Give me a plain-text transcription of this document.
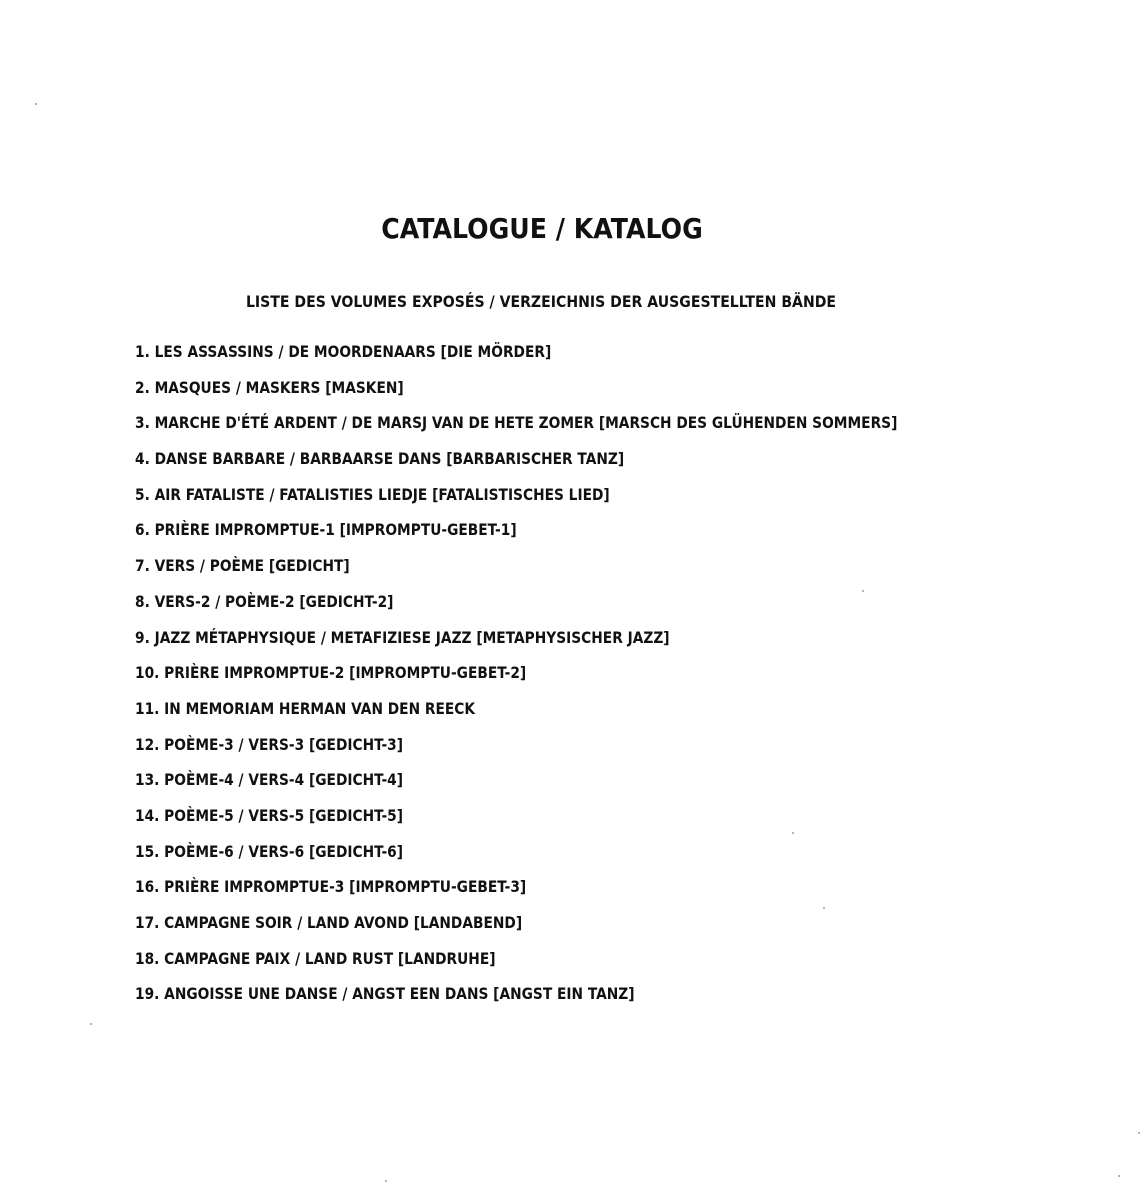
CATALOGUE / KATALOG
LISTE DES VOLUMES EXPOSÉS / VERZEICHNIS DER AUSGESTELLTEN BÄNDE
1. LES ASSASSINS / DE MOORDENAARS [DIE MÖRDER]
2. MASQUES / MASKERS [MASKEN]
3. MARCHE D'ÉTÉ ARDENT / DE MARSJ VAN DE HETE ZOMER [MARSCH DES GLÜHENDEN SOMMERS]
4. DANSE BARBARE / BARBAARSE DANS [BARBARISCHER TANZ]
5. AIR FATALISTE / FATALISTIES LIEDJE [FATALISTISCHES LIED]
6. PRIÈRE IMPROMPTUE-1 [IMPROMPTU-GEBET-1]
7. VERS / POÈME [GEDICHT]
8. VERS-2 / POÈME-2 [GEDICHT-2]
9. JAZZ MÉTAPHYSIQUE / METAFIZIESE JAZZ [METAPHYSISCHER JAZZ]
10. PRIÈRE IMPROMPTUE-2 [IMPROMPTU-GEBET-2]
11. IN MEMORIAM HERMAN VAN DEN REECK
12. POÈME-3 / VERS-3 [GEDICHT-3]
13. POÈME-4 / VERS-4 [GEDICHT-4]
14. POÈME-5 / VERS-5 [GEDICHT-5]
15. POÈME-6 / VERS-6 [GEDICHT-6]
16. PRIÈRE IMPROMPTUE-3 [IMPROMPTU-GEBET-3]
17. CAMPAGNE SOIR / LAND AVOND [LANDABEND]
18. CAMPAGNE PAIX / LAND RUST [LANDRUHE]
19. ANGOISSE UNE DANSE / ANGST EEN DANS [ANGST EIN TANZ]
